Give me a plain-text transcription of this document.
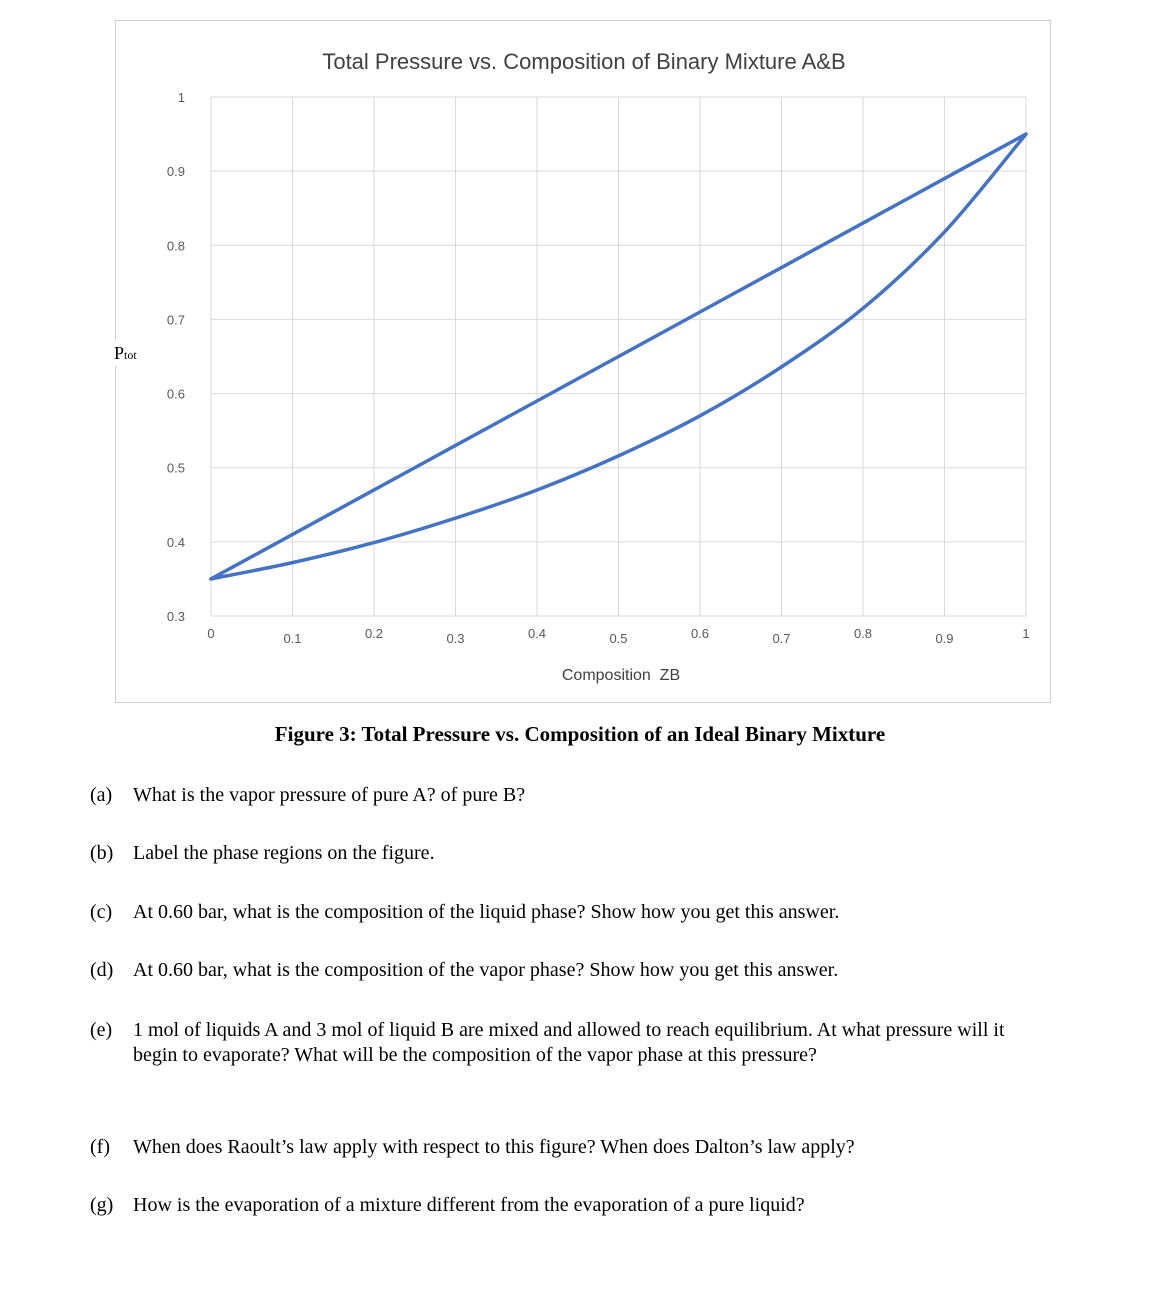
Total Pressure vs. Composition of Binary Mixture A&B
0.3
0.4
0.5
0.6
0.7
0.8
0.9
1
0	0.1	0.2	0.3	0.4	0.5	0.6	0.7	0.8	0.9	1
Composition  ZB
Ptot
Figure 3: Total Pressure vs. Composition of an Ideal Binary Mixture
(a)	What is the vapor pressure of pure A? of pure B?
(b) Label the phase regions on the figure.
(c)	At 0.60 bar, what is the composition of the liquid phase? Show how you get this answer.
(d) At 0.60 bar, what is the composition of the vapor phase? Show how you get this answer.
(e)	1 mol of liquids A and 3 mol of liquid B are mixed and allowed to reach equilibrium. At what pressure will it begin to evaporate? What will be the composition of the vapor phase at this pressure?
(f)	When does Raoult’s law apply with respect to this figure? When does Dalton’s law apply?
(g) How is the evaporation of a mixture different from the evaporation of a pure liquid?
